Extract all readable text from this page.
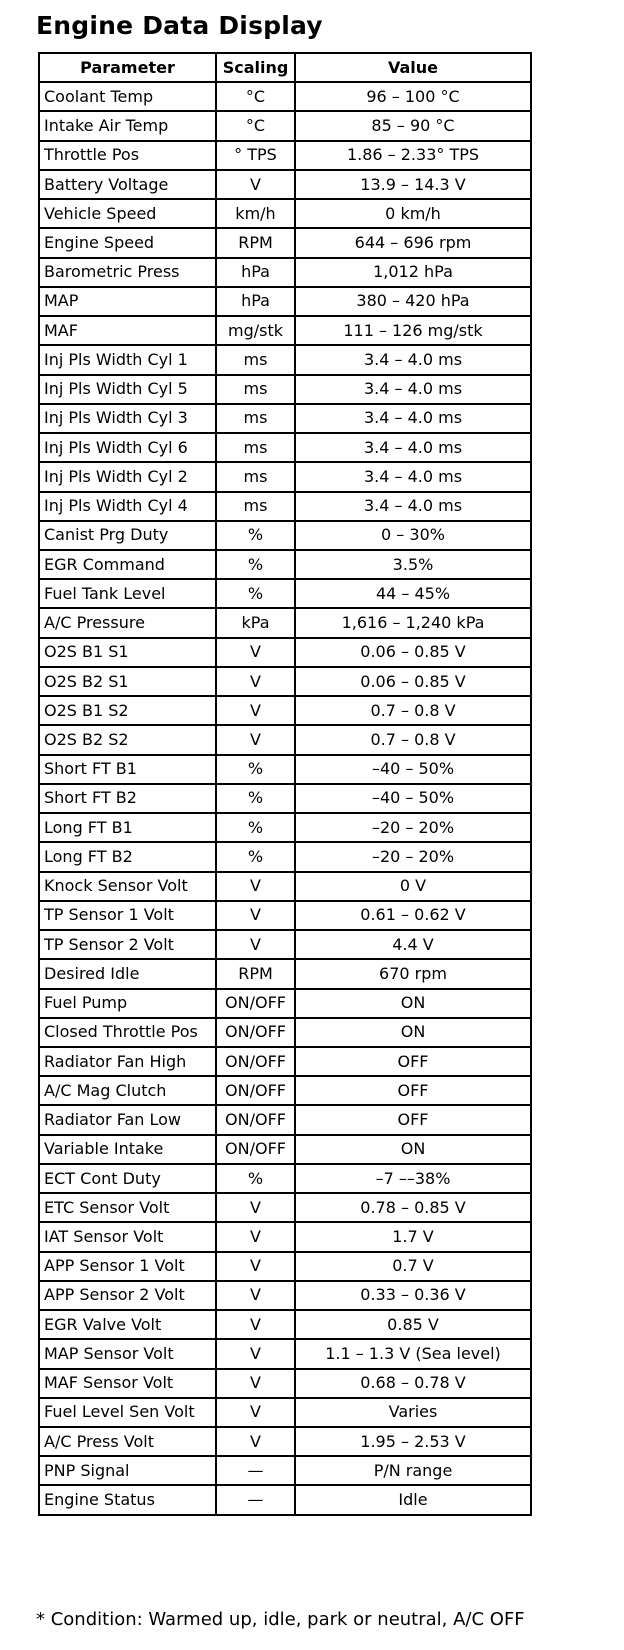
Engine Data Display
Parameter	Scaling	Value
Coolant Temp	°C	96 – 100 °C
Intake Air Temp	°C	85 – 90 °C
Throttle Pos	° TPS	1.86 – 2.33° TPS
Battery Voltage	V	13.9 – 14.3 V
Vehicle Speed	km/h	0 km/h
Engine Speed	RPM	644 – 696 rpm
Barometric Press	hPa	1,012 hPa
MAP	hPa	380 – 420 hPa
MAF	mg/stk	111 – 126 mg/stk
Inj Pls Width Cyl 1	ms	3.4 – 4.0 ms
Inj Pls Width Cyl 5	ms	3.4 – 4.0 ms
Inj Pls Width Cyl 3	ms	3.4 – 4.0 ms
Inj Pls Width Cyl 6	ms	3.4 – 4.0 ms
Inj Pls Width Cyl 2	ms	3.4 – 4.0 ms
Inj Pls Width Cyl 4	ms	3.4 – 4.0 ms
Canist Prg Duty	%	0 – 30%
EGR Command	%	3.5%
Fuel Tank Level	%	44 – 45%
A/C Pressure	kPa	1,616 – 1,240 kPa
O2S B1 S1	V	0.06 – 0.85 V
O2S B2 S1	V	0.06 – 0.85 V
O2S B1 S2	V	0.7 – 0.8 V
O2S B2 S2	V	0.7 – 0.8 V
Short FT B1	%	–40 – 50%
Short FT B2	%	–40 – 50%
Long FT B1	%	–20 – 20%
Long FT B2	%	–20 – 20%
Knock Sensor Volt	V	0 V
TP Sensor 1 Volt	V	0.61 – 0.62 V
TP Sensor 2 Volt	V	4.4 V
Desired Idle	RPM	670 rpm
Fuel Pump	ON/OFF	ON
Closed Throttle Pos	ON/OFF	ON
Radiator Fan High	ON/OFF	OFF
A/C Mag Clutch	ON/OFF	OFF
Radiator Fan Low	ON/OFF	OFF
Variable Intake	ON/OFF	ON
ECT Cont Duty	%	–7 ––38%
ETC Sensor Volt	V	0.78 – 0.85 V
IAT Sensor Volt	V	1.7 V
APP Sensor 1 Volt	V	0.7 V
APP Sensor 2 Volt	V	0.33 – 0.36 V
EGR Valve Volt	V	0.85 V
MAP Sensor Volt	V	1.1 – 1.3 V (Sea level)
MAF Sensor Volt	V	0.68 – 0.78 V
Fuel Level Sen Volt	V	Varies
A/C Press Volt	V	1.95 – 2.53 V
PNP Signal	—	P/N range
Engine Status	—	Idle
* Condition: Warmed up, idle, park or neutral, A/C OFF
